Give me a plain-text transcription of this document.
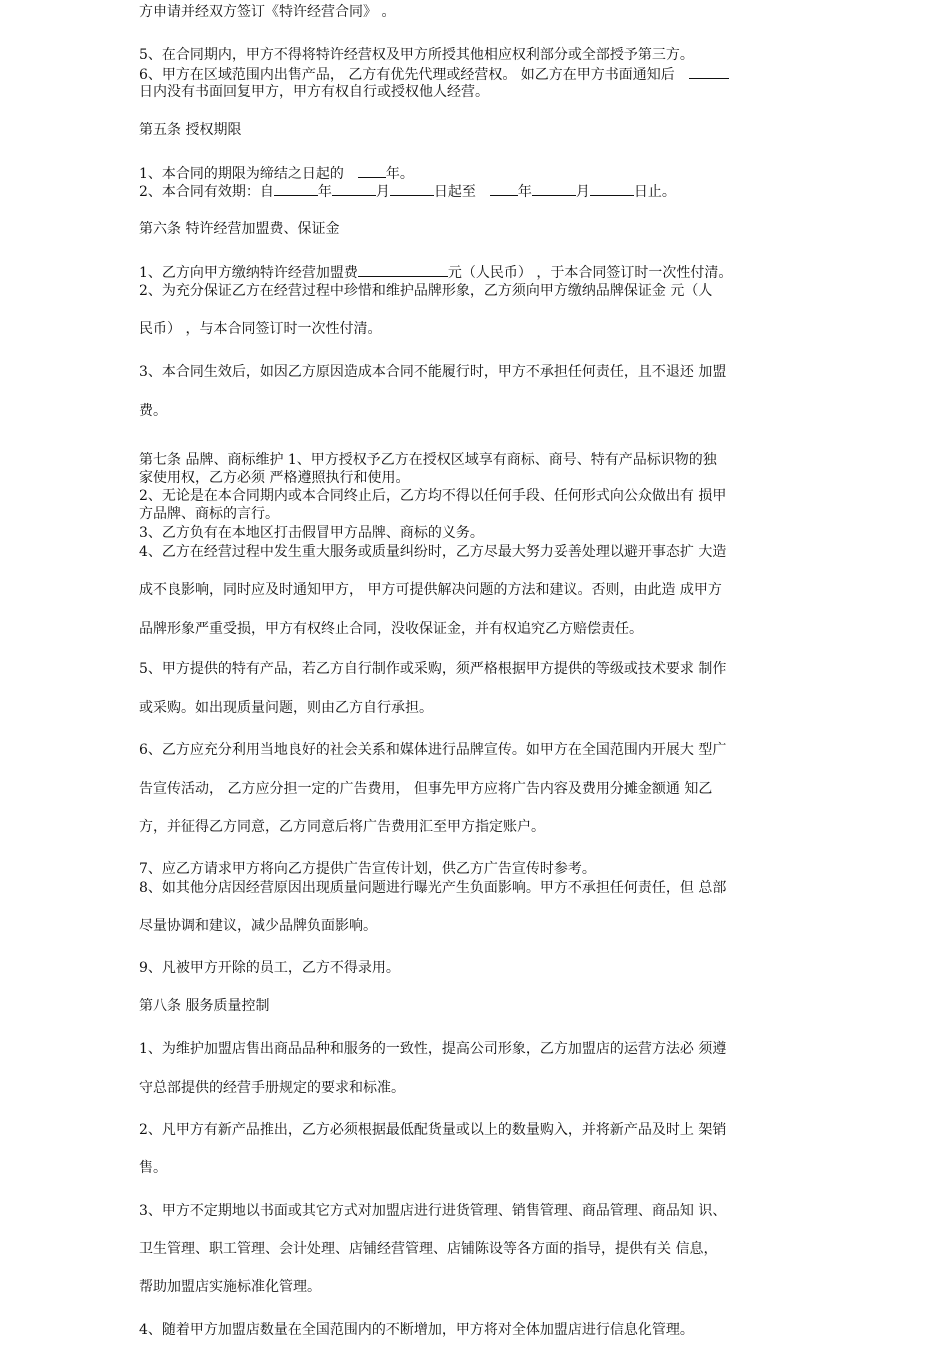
方申请并经双方签订《特许经营合同》 。
5、在合同期内，甲方不得将特许经营权及甲方所授其他相应权利部分或全部授予第三方。
6、甲方在区域范围内出售产品， 乙方有优先代理或经营权。 如乙方在甲方书面通知后
日内没有书面回复甲方，甲方有权自行或授权他人经营。
第五条 授权期限
1、本合同的期限为缔结之日起的	年。
2、本合同有效期：自	年	月	日起至	年	月	日止。
第六条 特许经营加盟费、保证金
1、乙方向甲方缴纳特许经营加盟费	元（人民币） ，于本合同签订时一次性付清。
2、为充分保证乙方在经营过程中珍惜和维护品牌形象，乙方须向甲方缴纳品牌保证金 元（人
民币） ，与本合同签订时一次性付清。
3、本合同生效后，如因乙方原因造成本合同不能履行时，甲方不承担任何责任，且不退还 加盟
费。
第七条 品牌、商标维护 1、甲方授权予乙方在授权区域享有商标、商号、特有产品标识物的独
家使用权，乙方必须 严格遵照执行和使用。
2、无论是在本合同期内或本合同终止后，乙方均不得以任何手段、任何形式向公众做出有 损甲
方品牌、商标的言行。
3、乙方负有在本地区打击假冒甲方品牌、商标的义务。
4、乙方在经营过程中发生重大服务或质量纠纷时，乙方尽最大努力妥善处理以避开事态扩 大造
成不良影响，同时应及时通知甲方， 甲方可提供解决问题的方法和建议。否则，由此造 成甲方
品牌形象严重受损，甲方有权终止合同，没收保证金，并有权追究乙方赔偿责任。
5、甲方提供的特有产品，若乙方自行制作或采购，须严格根据甲方提供的等级或技术要求 制作
或采购。如出现质量问题，则由乙方自行承担。
6、乙方应充分利用当地良好的社会关系和媒体进行品牌宣传。如甲方在全国范围内开展大 型广
告宣传活动， 乙方应分担一定的广告费用， 但事先甲方应将广告内容及费用分摊金额通 知乙
方，并征得乙方同意，乙方同意后将广告费用汇至甲方指定账户。
7、应乙方请求甲方将向乙方提供广告宣传计划，供乙方广告宣传时参考。
8、如其他分店因经营原因出现质量问题进行曝光产生负面影响。甲方不承担任何责任，但 总部
尽量协调和建议，减少品牌负面影响。
9、凡被甲方开除的员工，乙方不得录用。
第八条 服务质量控制
1、为维护加盟店售出商品品种和服务的一致性，提高公司形象，乙方加盟店的运营方法必 须遵
守总部提供的经营手册规定的要求和标准。
2、凡甲方有新产品推出，乙方必须根据最低配货量或以上的数量购入，并将新产品及时上 架销
售。
3、甲方不定期地以书面或其它方式对加盟店进行进货管理、销售管理、商品管理、商品知 识、
卫生管理、职工管理、会计处理、店铺经营管理、店铺陈设等各方面的指导，提供有关 信息，
帮助加盟店实施标准化管理。
4、随着甲方加盟店数量在全国范围内的不断增加，甲方将对全体加盟店进行信息化管理。
